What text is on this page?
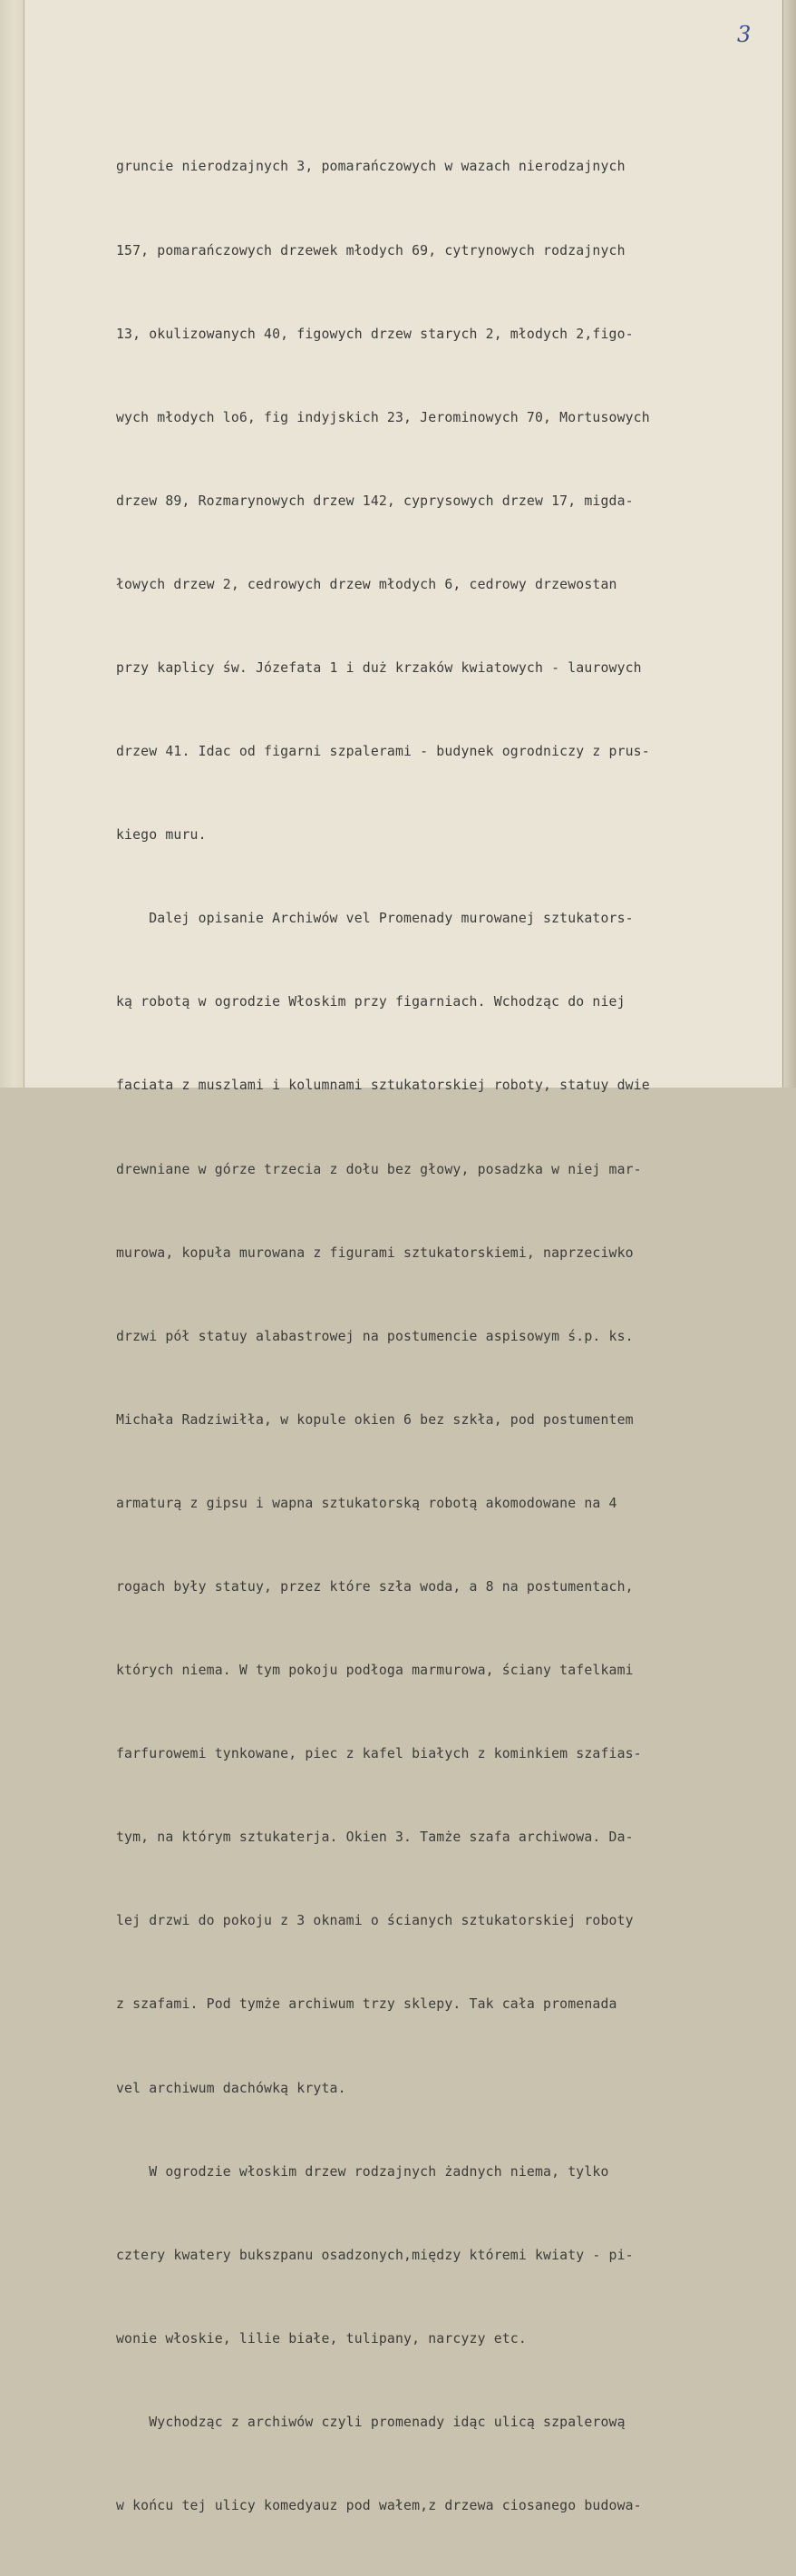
3

gruncie nierodzajnych 3, pomarańczowych w wazach nierodzajnych

157, pomarańczowych drzewek młodych 69, cytrynowych rodzajnych

13, okulizowanych 40, figowych drzew starych 2, młodych 2,figo-

wych młodych lo6, fig indyjskich 23, Jerominowych 70, Mortusowych

drzew 89, Rozmarynowych drzew 142, cyprysowych drzew 17, migda-

łowych drzew 2, cedrowych drzew młodych 6, cedrowy drzewostan

przy kaplicy św. Józefata 1 i duż krzaków kwiatowych - laurowych

drzew 41. Idac od figarni szpalerami - budynek ogrodniczy z prus-

kiego muru.

Dalej opisanie Archiwów vel Promenady murowanej sztukators-

ką robotą w ogrodzie Włoskim przy figarniach. Wchodząc do niej

faciata z muszlami i kolumnami sztukatorskiej roboty, statuy dwie

drewniane w górze trzecia z dołu bez głowy, posadzka w niej mar-

murowa, kopuła murowana z figurami sztukatorskiemi, naprzeciwko

drzwi pół statuy alabastrowej na postumencie aspisowym ś.p. ks.

Michała Radziwiłła, w kopule okien 6 bez szkła, pod postumentem

armaturą z gipsu i wapna sztukatorską robotą akomodowane na 4

rogach były statuy, przez które szła woda, a 8 na postumentach,

których niema. W tym pokoju podłoga marmurowa, ściany tafelkami

farfurowemi tynkowane, piec z kafel białych z kominkiem szafias-

tym, na którym sztukaterja. Okien 3. Tamże szafa archiwowa. Da-

lej drzwi do pokoju z 3 oknami o ścianych sztukatorskiej roboty

z szafami. Pod tymże archiwum trzy sklepy. Tak cała promenada

vel archiwum dachówką kryta.

W ogrodzie włoskim drzew rodzajnych żadnych niema, tylko

cztery kwatery bukszpanu osadzonych,między któremi kwiaty - pi-

wonie włoskie, lilie białe, tulipany, narcyzy etc.

Wychodząc z archiwów czyli promenady idąc ulicą szpalerową

w końcu tej ulicy komedyauz pod wałem,z drzewa ciosanego budowa-
